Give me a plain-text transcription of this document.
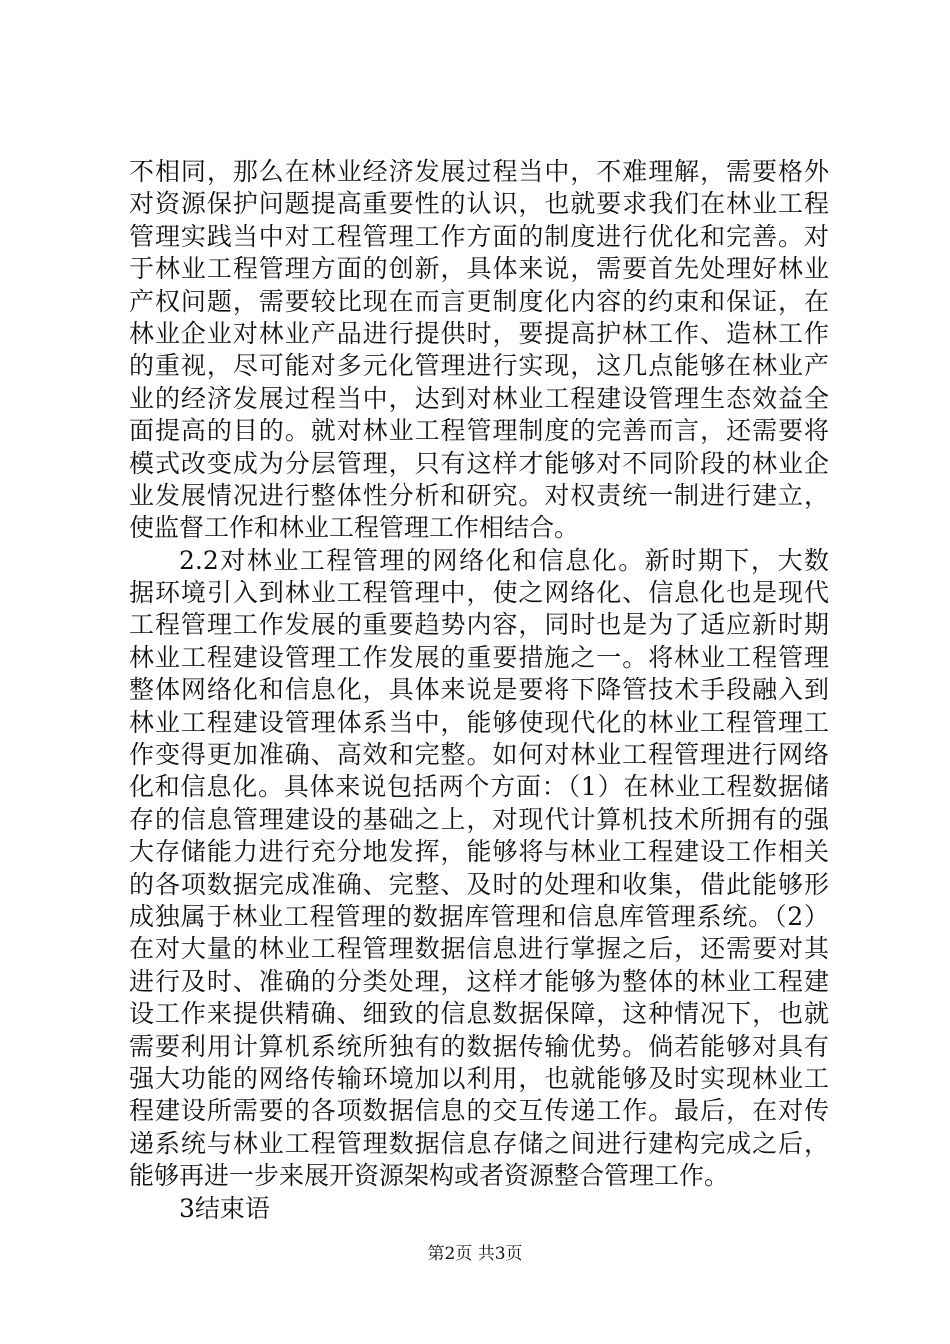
不相同，那么在林业经济发展过程当中，不难理解，需要格外
对资源保护问题提高重要性的认识，也就要求我们在林业工程
管理实践当中对工程管理工作方面的制度进行优化和完善。对
于林业工程管理方面的创新，具体来说，需要首先处理好林业
产权问题，需要较比现在而言更制度化内容的约束和保证，在
林业企业对林业产品进行提供时，要提高护林工作、造林工作
的重视，尽可能对多元化管理进行实现，这几点能够在林业产
业的经济发展过程当中，达到对林业工程建设管理生态效益全
面提高的目的。就对林业工程管理制度的完善而言，还需要将
模式改变成为分层管理，只有这样才能够对不同阶段的林业企
业发展情况进行整体性分析和研究。对权责统一制进行建立，
使监督工作和林业工程管理工作相结合。
2.2对林业工程管理的网络化和信息化。新时期下，大数
据环境引入到林业工程管理中，使之网络化、信息化也是现代
工程管理工作发展的重要趋势内容，同时也是为了适应新时期
林业工程建设管理工作发展的重要措施之一。将林业工程管理
整体网络化和信息化，具体来说是要将下降管技术手段融入到
林业工程建设管理体系当中，能够使现代化的林业工程管理工
作变得更加准确、高效和完整。如何对林业工程管理进行网络
化和信息化。具体来说包括两个方面：（1）在林业工程数据储
存的信息管理建设的基础之上，对现代计算机技术所拥有的强
大存储能力进行充分地发挥，能够将与林业工程建设工作相关
的各项数据完成准确、完整、及时的处理和收集，借此能够形
成独属于林业工程管理的数据库管理和信息库管理系统。（2）
在对大量的林业工程管理数据信息进行掌握之后，还需要对其
进行及时、准确的分类处理，这样才能够为整体的林业工程建
设工作来提供精确、细致的信息数据保障，这种情况下，也就
需要利用计算机系统所独有的数据传输优势。倘若能够对具有
强大功能的网络传输环境加以利用，也就能够及时实现林业工
程建设所需要的各项数据信息的交互传递工作。最后，在对传
递系统与林业工程管理数据信息存储之间进行建构完成之后，
能够再进一步来展开资源架构或者资源整合管理工作。
3结束语
第2页 共3页
